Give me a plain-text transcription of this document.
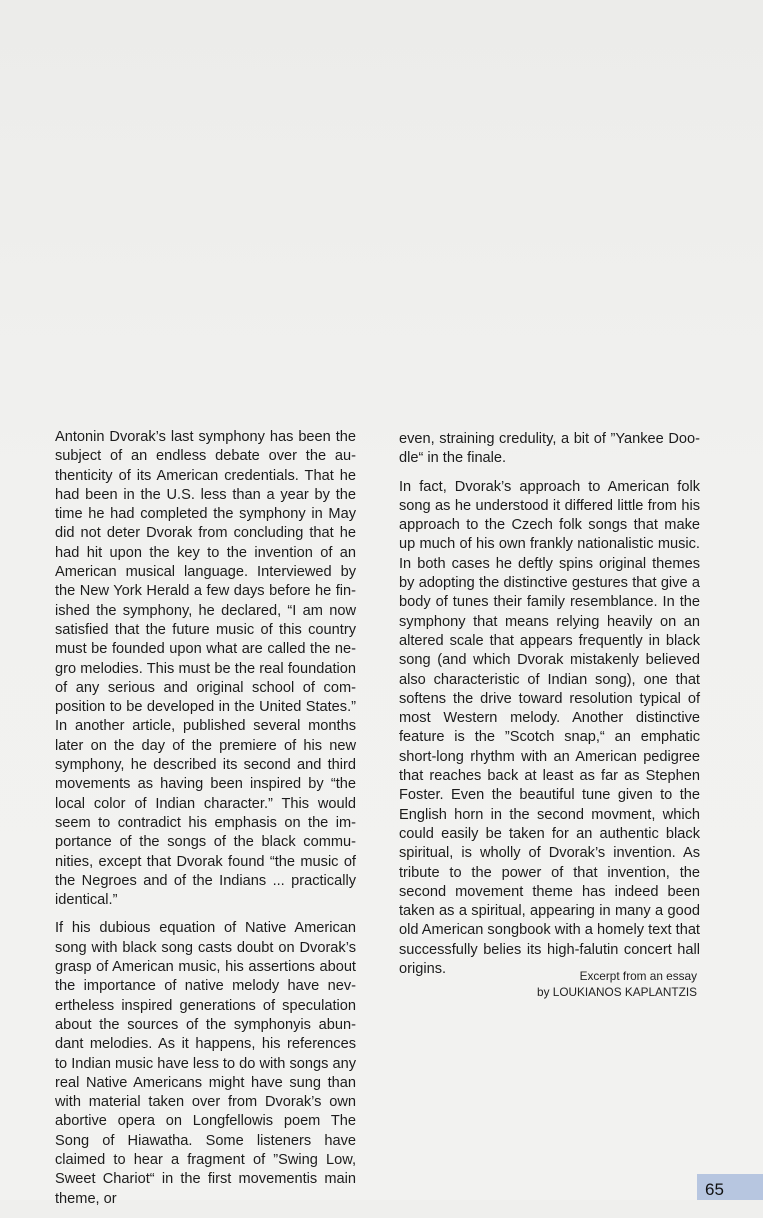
Antonin Dvorak’s last symphony has been the subject of an endless debate over the authenticity of its American credentials. That he had been in the U.S. less than a year by the time he had completed the symphony in May did not deter Dvorak from concluding that he had hit upon the key to the invention of an American musical language. Interviewed by the New York Herald a few days before he finished the symphony, he declared, “I am now satisfied that the future music of this country must be founded upon what are called the negro melodies. This must be the real foundation of any serious and original school of composition to be developed in the United States.” In another article, published several months later on the day of the premiere of his new symphony, he described its second and third movements as having been inspired by “the local color of Indian character.” This would seem to contradict his emphasis on the importance of the songs of the black communities, except that Dvorak found “the music of the Negroes and of the Indians ... practically identical.”

If his dubious equation of Native American song with black song casts doubt on Dvorak’s grasp of American music, his assertions about the importance of native melody have nevertheless inspired generations of speculation about the sources of the symphonyis abundant melodies. As it happens, his references to Indian music have less to do with songs any real Native Americans might have sung than with material taken over from Dvorak’s own abortive opera on Longfellowis poem The Song of Hiawatha. Some listeners have claimed to hear a fragment of ”Swing Low, Sweet Chariot“ in the first movementis main theme, or

even, straining credulity, a bit of ”Yankee Doodle“ in the finale.

In fact, Dvorak’s approach to American folk song as he understood it differed little from his approach to the Czech folk songs that make up much of his own frankly nationalistic music. In both cases he deftly spins original themes by adopting the distinctive gestures that give a body of tunes their family resemblance. In the symphony that means relying heavily on an altered scale that appears frequently in black song (and which Dvorak mistakenly believed also characteristic of Indian song), one that softens the drive toward resolution typical of most Western melody. Another distinctive feature is the ”Scotch snap,“ an emphatic short-long rhythm with an American pedigree that reaches back at least as far as Stephen Foster. Even the beautiful tune given to the English horn in the second movment, which could easily be taken for an authentic black spiritual, is wholly of Dvorak’s invention. As tribute to the power of that invention, the second movement theme has indeed been taken as a spiritual, appearing in many a good old American songbook with a homely text that successfully belies its high-falutin concert hall origins.	Excerpt from an essay
by LOUKIANOS KAPLANTZIS
65
